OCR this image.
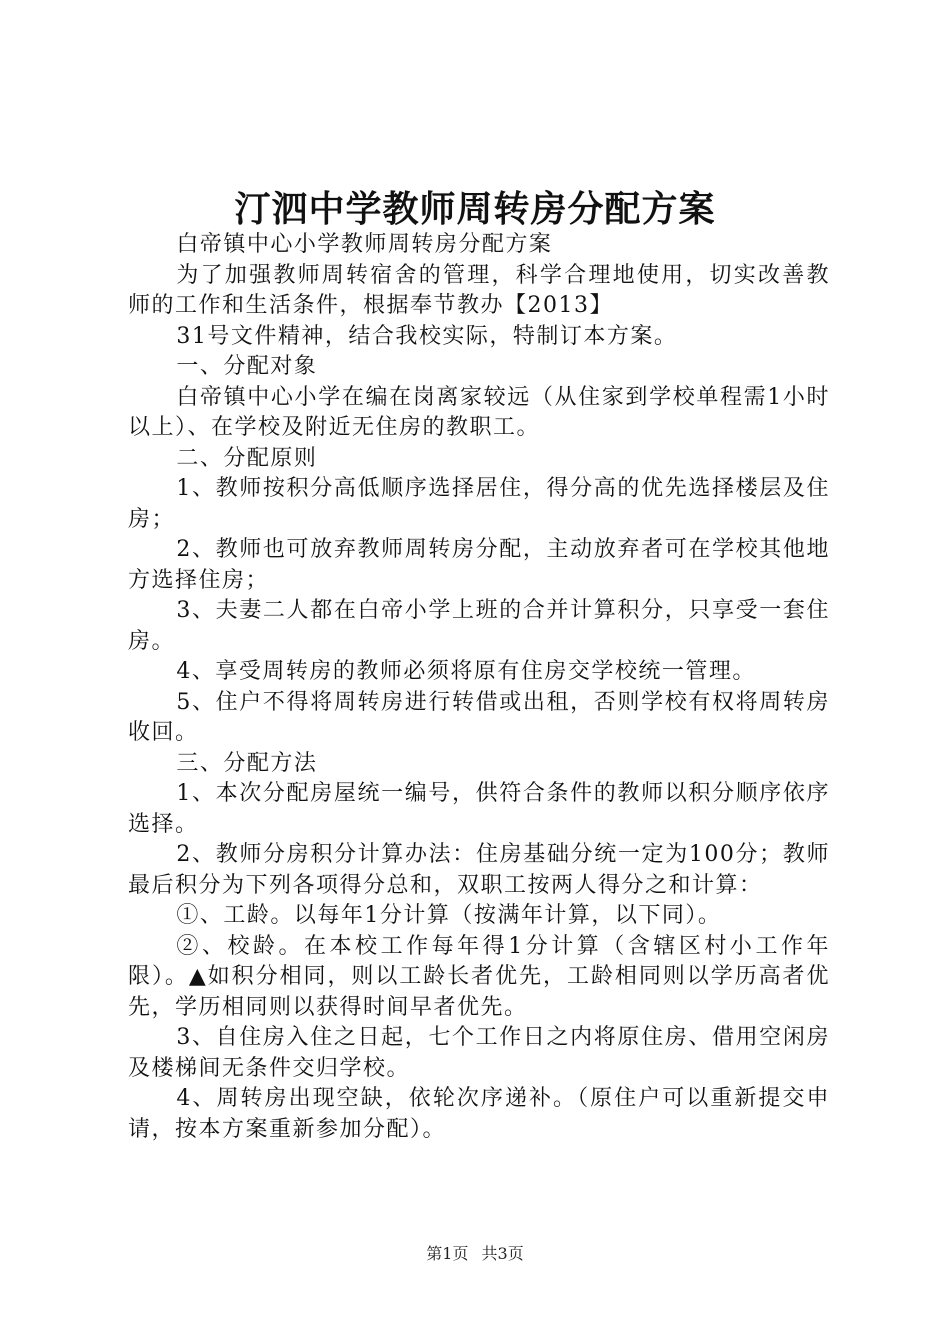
汀泗中学教师周转房分配方案

白帝镇中心小学教师周转房分配方案

为了加强教师周转宿舍的管理，科学合理地使用，切实改善教师的工作和生活条件，根据奉节教办【2013】

31号文件精神，结合我校实际，特制订本方案。

一、分配对象

白帝镇中心小学在编在岗离家较远（从住家到学校单程需1小时以上）、在学校及附近无住房的教职工。

二、分配原则

1、教师按积分高低顺序选择居住，得分高的优先选择楼层及住房；

2、教师也可放弃教师周转房分配，主动放弃者可在学校其他地方选择住房；

3、夫妻二人都在白帝小学上班的合并计算积分，只享受一套住房。

4、享受周转房的教师必须将原有住房交学校统一管理。

5、住户不得将周转房进行转借或出租，否则学校有权将周转房收回。

三、分配方法

1、本次分配房屋统一编号，供符合条件的教师以积分顺序依序选择。

2、教师分房积分计算办法：住房基础分统一定为100分；教师最后积分为下列各项得分总和，双职工按两人得分之和计算：

①、工龄。以每年1分计算（按满年计算，以下同）。

②、校龄。在本校工作每年得1分计算（含辖区村小工作年限）。▲如积分相同，则以工龄长者优先，工龄相同则以学历高者优先，学历相同则以获得时间早者优先。

3、自住房入住之日起，七个工作日之内将原住房、借用空闲房及楼梯间无条件交归学校。

4、周转房出现空缺，依轮次序递补。（原住户可以重新提交申请，按本方案重新参加分配）。

第1页 共3页
